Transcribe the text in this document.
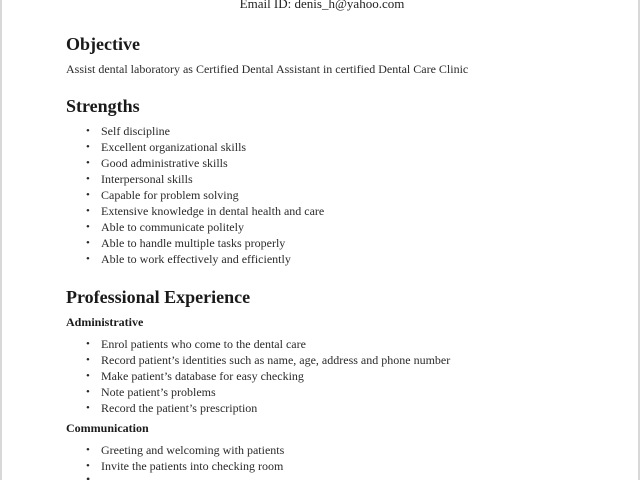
Email ID: denis_h@yahoo.com
Objective
Assist dental laboratory as Certified Dental Assistant in certified Dental Care Clinic
Strengths
• Self discipline
• Excellent organizational skills
• Good administrative skills
• Interpersonal skills
• Capable for problem solving
• Extensive knowledge in dental health and care
• Able to communicate politely
• Able to handle multiple tasks properly
• Able to work effectively and efficiently
Professional Experience
Administrative
• Enrol patients who come to the dental care
• Record patient’s identities such as name, age, address and phone number
• Make patient’s database for easy checking
• Note patient’s problems
• Record the patient’s prescription
Communication
• Greeting and welcoming with patients
• Invite the patients into checking room
•
